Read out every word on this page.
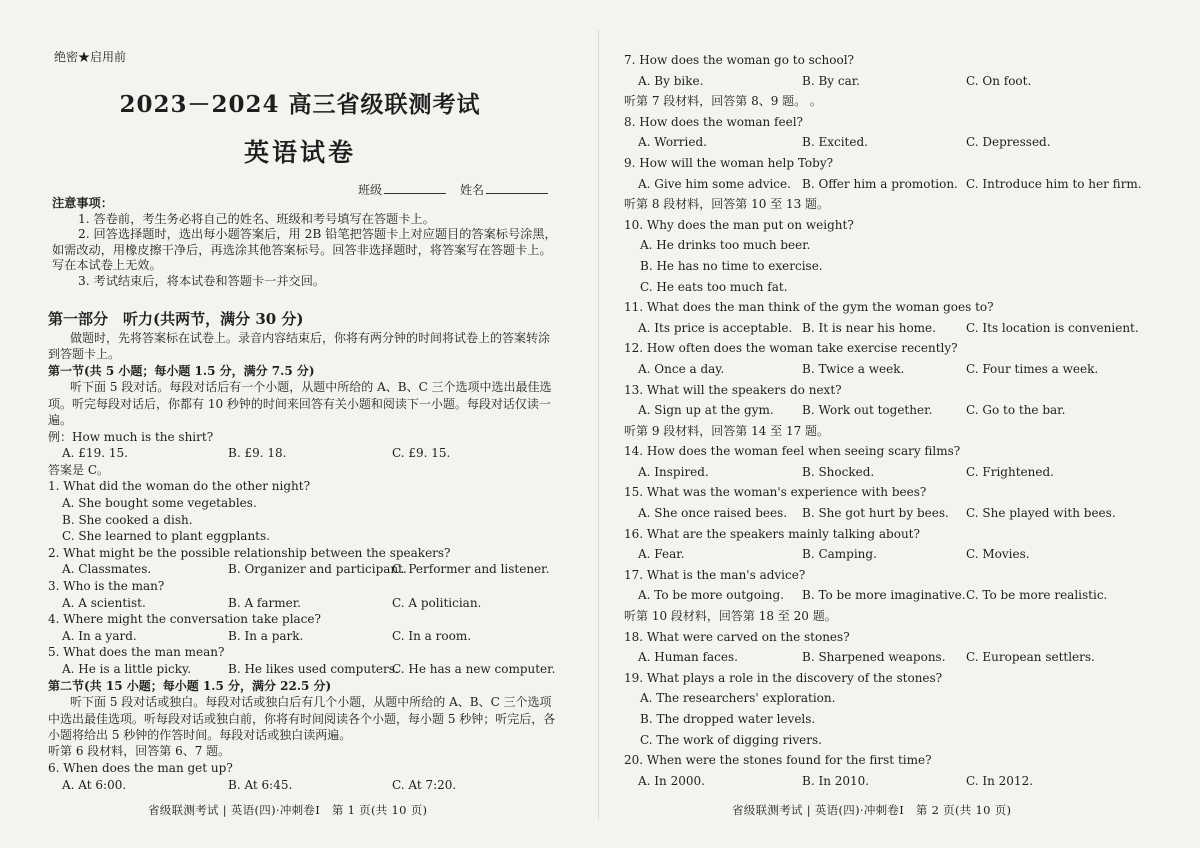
绝密★启用前
2023－2024 高三省级联测考试
英语试卷
班级	姓名

注意事项：

1. 答卷前，考生务必将自己的姓名、班级和考号填写在答题卡上。

2. 回答选择题时，选出每小题答案后，用 2B 铅笔把答题卡上对应题目的答案标号涂黑，如需改动，用橡皮擦干净后，再选涂其他答案标号。回答非选择题时，将答案写在答题卡上。写在本试卷上无效。

3. 考试结束后，将本试卷和答题卡一并交回。

第一部分　听力(共两节，满分 30 分)
做题时，先将答案标在试卷上。录音内容结束后，你将有两分钟的时间将试卷上的答案转涂到答题卡上。
第一节(共 5 小题；每小题 1.5 分，满分 7.5 分)
听下面 5 段对话。每段对话后有一个小题，从题中所给的 A、B、C 三个选项中选出最佳选项。听完每段对话后，你都有 10 秒钟的时间来回答有关小题和阅读下一小题。每段对话仅读一遍。
例：How much is the shirt?
A. £19. 15.	B. £9. 18.	C. £9. 15.
答案是 C。
1. What did the woman do the other night?
A. She bought some vegetables.
B. She cooked a dish.
C. She learned to plant eggplants.
2. What might be the possible relationship between the speakers?
A. Classmates.	B. Organizer and participant.
C. Performer and listener.
3. Who is the man?
A. A scientist.	B. A farmer.	C. A politician.
4. Where might the conversation take place?
A. In a yard.	B. In a park.	C. In a room.
5. What does the man mean?
A. He is a little picky.	B. He likes used computers.
C. He has a new computer.
第二节(共 15 小题；每小题 1.5 分，满分 22.5 分)
听下面 5 段对话或独白。每段对话或独白后有几个小题，从题中所给的 A、B、C 三个选项中选出最佳选项。听每段对话或独白前，你将有时间阅读各个小题，每小题 5 秒钟；听完后，各小题将给出 5 秒钟的作答时间。每段对话或独白读两遍。
听第 6 段材料，回答第 6、7 题。
6. When does the man get up?
A. At 6:00.	B. At 6:45.	C. At 7:20.
省级联测考试 | 英语(四)·冲刺卷Ⅰ　第 1 页(共 10 页)
7. How does the woman go to school?
A. By bike.	B. By car.	C. On foot.
听第 7 段材料，回答第 8、9 题。 。
8. How does the woman feel?
A. Worried.	B. Excited.	C. Depressed.
9. How will the woman help Toby?
A. Give him some advice. B. Offer him a promotion. C. Introduce him to her firm.
听第 8 段材料，回答第 10 至 13 题。
10. Why does the man put on weight?
A. He drinks too much beer.
B. He has no time to exercise.
C. He eats too much fat.
11. What does the man think of the gym the woman goes to?
A. Its price is acceptable. B. It is near his home.	C. Its location is convenient.
12. How often does the woman take exercise recently?
A. Once a day.	B. Twice a week.	C. Four times a week.
13. What will the speakers do next?
A. Sign up at the gym. B. Work out together.	C. Go to the bar.
听第 9 段材料，回答第 14 至 17 题。
14. How does the woman feel when seeing scary films?
A. Inspired.	B. Shocked.	C. Frightened.
15. What was the woman's experience with bees?
A. She once raised bees. B. She got hurt by bees. C. She played with bees.
16. What are the speakers mainly talking about?
A. Fear.	B. Camping.	C. Movies.
17. What is the man's advice?
A. To be more outgoing. B. To be more imaginative. C. To be more realistic.
听第 10 段材料，回答第 18 至 20 题。
18. What were carved on the stones?
A. Human faces.	B. Sharpened weapons. C. European settlers.
19. What plays a role in the discovery of the stones?
A. The researchers' exploration.
B. The dropped water levels.
C. The work of digging rivers.
20. When were the stones found for the first time?
A. In 2000.	B. In 2010.	C. In 2012.
省级联测考试 | 英语(四)·冲刺卷Ⅰ　第 2 页(共 10 页)
